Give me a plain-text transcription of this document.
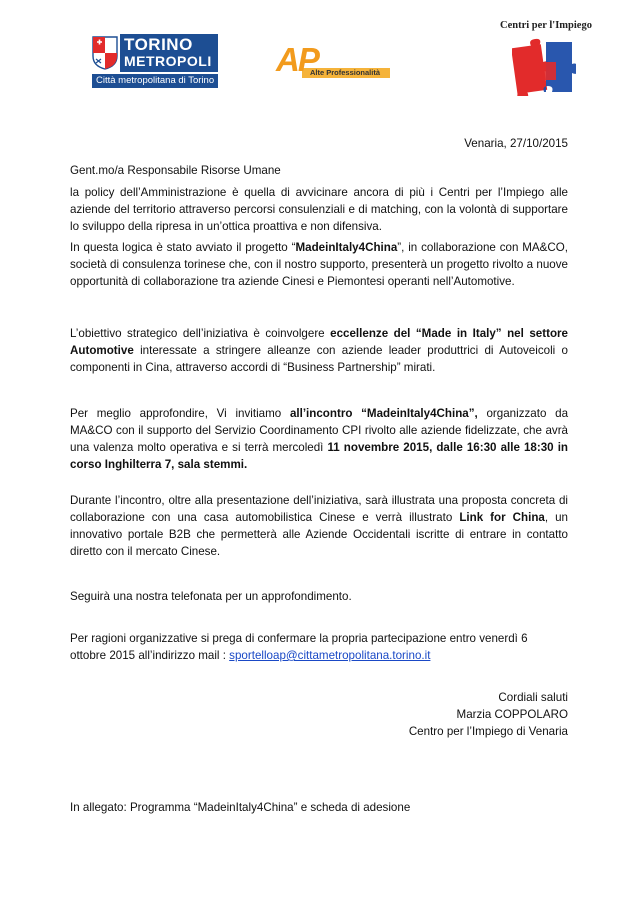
TORINO
METROPOLI
Città metropolitana di Torino
AP
Alte Professionalità
Centri per l'Impiego
Venaria, 27/10/2015
Gent.mo/a Responsabile Risorse Umane
la policy dell’Amministrazione è quella di avvicinare ancora di più i Centri per l’Impiego alle aziende del territorio attraverso percorsi consulenziali e di matching, con la volontà di supportare lo sviluppo della ripresa in un’ottica proattiva e non difensiva.
In questa logica è stato avviato il progetto “MadeinItaly4China”, in collaborazione con MA&CO, società di consulenza torinese che, con il nostro supporto, presenterà un progetto rivolto a nuove opportunità di collaborazione tra aziende Cinesi e Piemontesi operanti nell’Automotive.
L’obiettivo strategico dell’iniziativa è coinvolgere eccellenze del “Made in Italy” nel settore Automotive interessate a stringere alleanze con aziende leader produttrici di Autoveicoli o componenti in Cina, attraverso accordi di “Business Partnership” mirati.
Per meglio approfondire, Vi invitiamo all’incontro “MadeinItaly4China”, organizzato da MA&CO con il supporto del Servizio Coordinamento CPI rivolto alle aziende fidelizzate, che avrà una valenza molto operativa e si terrà mercoledì 11 novembre 2015, dalle 16:30 alle 18:30 in corso Inghilterra 7, sala stemmi.
Durante l’incontro, oltre alla presentazione dell’iniziativa, sarà illustrata una proposta concreta di collaborazione con una casa automobilistica Cinese e verrà illustrato Link for China, un innovativo portale B2B che permetterà alle Aziende Occidentali iscritte di entrare in contatto diretto con il mercato Cinese.
Seguirà una nostra telefonata per un approfondimento.
Per ragioni organizzative si prega di confermare la propria partecipazione entro venerdì 6
ottobre 2015 all’indirizzo mail : sportelloap@cittametropolitana.torino.it
Cordiali saluti
Marzia COPPOLARO
Centro per l’Impiego di Venaria
In allegato: Programma “MadeinItaly4China” e scheda di adesione
